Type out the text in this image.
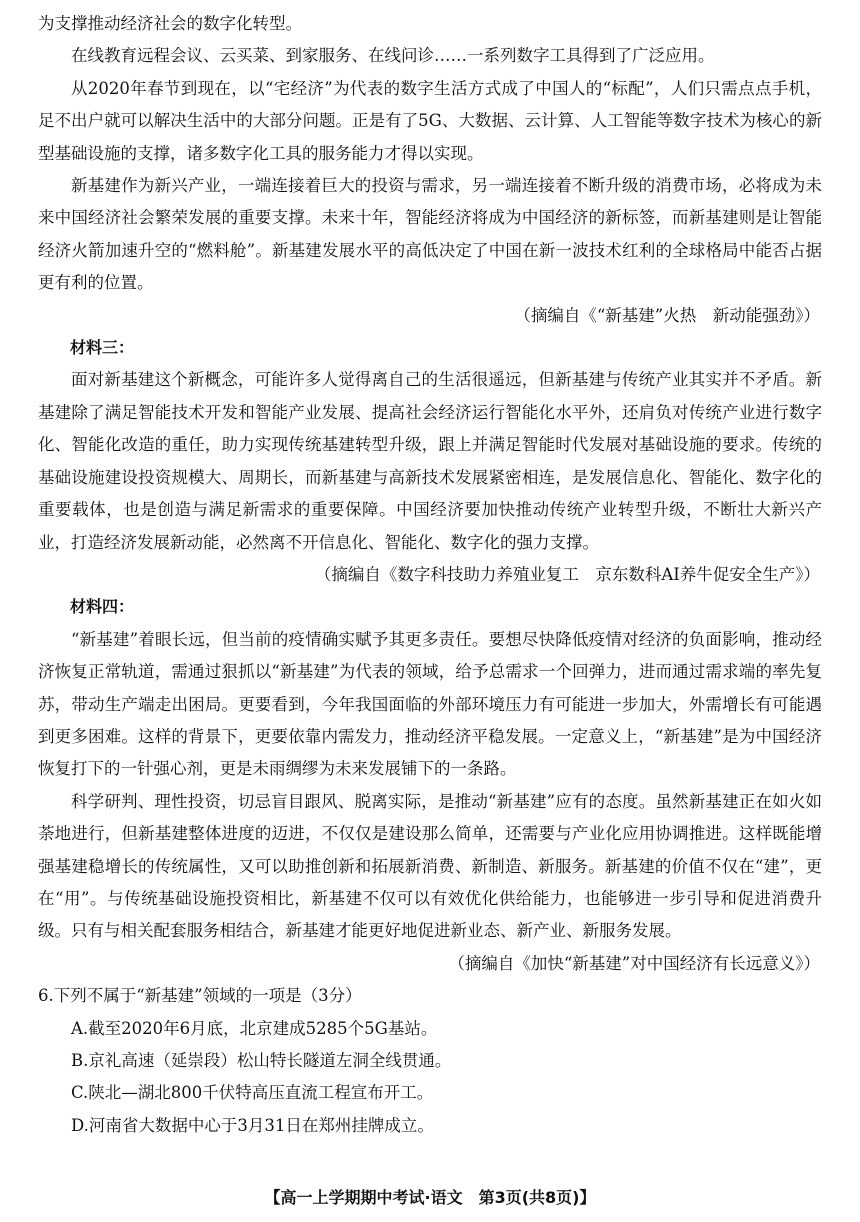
为支撑推动经济社会的数字化转型。

在线教育远程会议、云买菜、到家服务、在线问诊……一系列数字工具得到了广泛应用。

从2020年春节到现在，以“宅经济”为代表的数字生活方式成了中国人的“标配”，人们只需点点手机，足不出户就可以解决生活中的大部分问题。正是有了5G、大数据、云计算、人工智能等数字技术为核心的新型基础设施的支撑，诸多数字化工具的服务能力才得以实现。

新基建作为新兴产业，一端连接着巨大的投资与需求，另一端连接着不断升级的消费市场，必将成为未来中国经济社会繁荣发展的重要支撑。未来十年，智能经济将成为中国经济的新标签，而新基建则是让智能经济火箭加速升空的“燃料舱”。新基建发展水平的高低决定了中国在新一波技术红利的全球格局中能否占据更有利的位置。

（摘编自《“新基建”火热　新动能强劲》）

材料三：

面对新基建这个新概念，可能许多人觉得离自己的生活很遥远，但新基建与传统产业其实并不矛盾。新基建除了满足智能技术开发和智能产业发展、提高社会经济运行智能化水平外，还肩负对传统产业进行数字化、智能化改造的重任，助力实现传统基建转型升级，跟上并满足智能时代发展对基础设施的要求。传统的基础设施建设投资规模大、周期长，而新基建与高新技术发展紧密相连，是发展信息化、智能化、数字化的重要载体，也是创造与满足新需求的重要保障。中国经济要加快推动传统产业转型升级，不断壮大新兴产业，打造经济发展新动能，必然离不开信息化、智能化、数字化的强力支撑。

（摘编自《数字科技助力养殖业复工　京东数科AI养牛促安全生产》）

材料四：

“新基建”着眼长远，但当前的疫情确实赋予其更多责任。要想尽快降低疫情对经济的负面影响，推动经济恢复正常轨道，需通过狠抓以“新基建”为代表的领域，给予总需求一个回弹力，进而通过需求端的率先复苏，带动生产端走出困局。更要看到，今年我国面临的外部环境压力有可能进一步加大，外需增长有可能遇到更多困难。这样的背景下，更要依靠内需发力，推动经济平稳发展。一定意义上，“新基建”是为中国经济恢复打下的一针强心剂，更是未雨绸缪为未来发展铺下的一条路。

科学研判、理性投资，切忌盲目跟风、脱离实际，是推动“新基建”应有的态度。虽然新基建正在如火如荼地进行，但新基建整体进度的迈进，不仅仅是建设那么简单，还需要与产业化应用协调推进。这样既能增强基建稳增长的传统属性，又可以助推创新和拓展新消费、新制造、新服务。新基建的价值不仅在“建”，更在“用”。与传统基础设施投资相比，新基建不仅可以有效优化供给能力，也能够进一步引导和促进消费升级。只有与相关配套服务相结合，新基建才能更好地促进新业态、新产业、新服务发展。

（摘编自《加快“新基建”对中国经济有长远意义》）

6.下列不属于“新基建”领域的一项是（3分）

A.截至2020年6月底，北京建成5285个5G基站。

B.京礼高速（延崇段）松山特长隧道左洞全线贯通。

C.陕北—湖北800千伏特高压直流工程宣布开工。

D.河南省大数据中心于3月31日在郑州挂牌成立。

【高一上学期期中考试·语文　第3页(共8页)】
